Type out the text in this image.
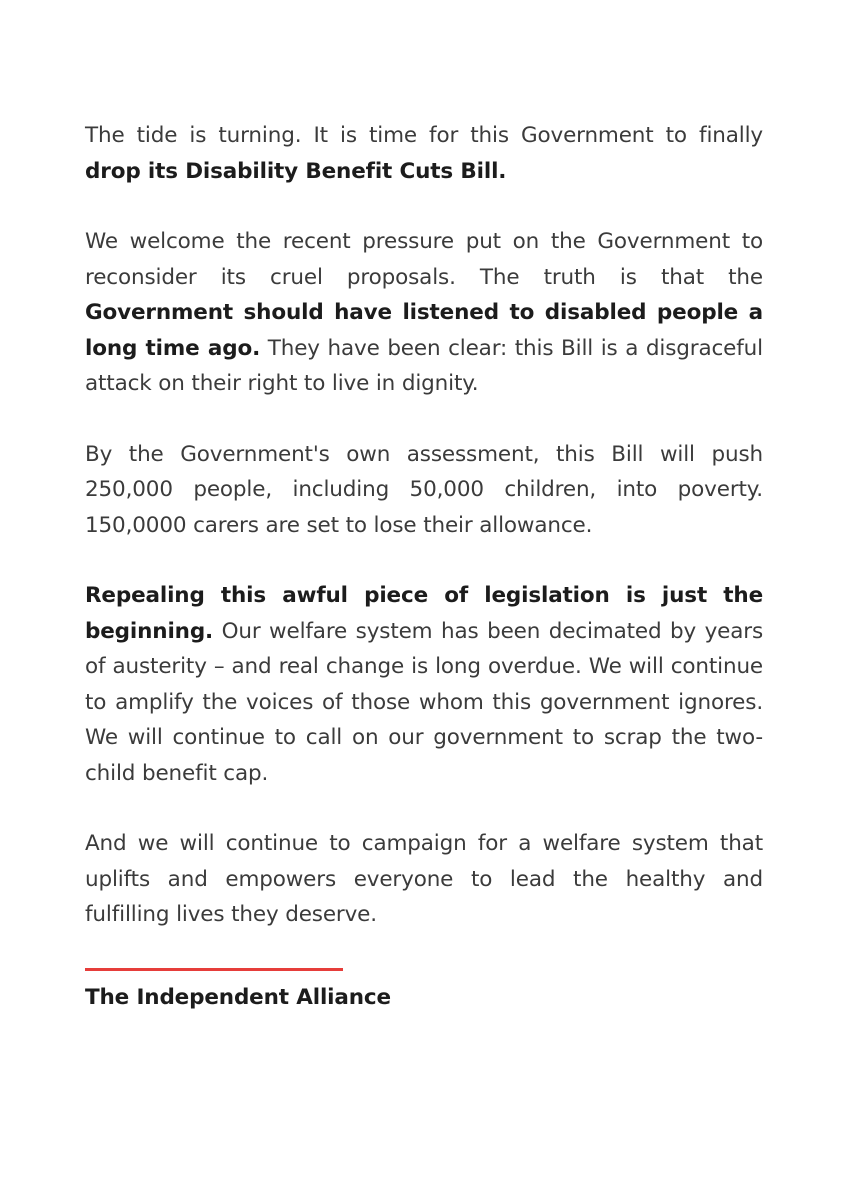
The tide is turning. It is time for this Government to finally drop its Disability Benefit Cuts Bill.

We welcome the recent pressure put on the Government to reconsider its cruel proposals. The truth is that the Government should have listened to disabled people a long time ago. They have been clear: this Bill is a disgraceful attack on their right to live in dignity.

By the Government's own assessment, this Bill will push 250,000 people, including 50,000 children, into poverty. 150,0000 carers are set to lose their allowance.

Repealing this awful piece of legislation is just the beginning. Our welfare system has been decimated by years of austerity – and real change is long overdue. We will continue to amplify the voices of those whom this government ignores. We will continue to call on our government to scrap the two-child benefit cap.

And we will continue to campaign for a welfare system that uplifts and empowers everyone to lead the healthy and fulfilling lives they deserve.

The Independent Alliance
